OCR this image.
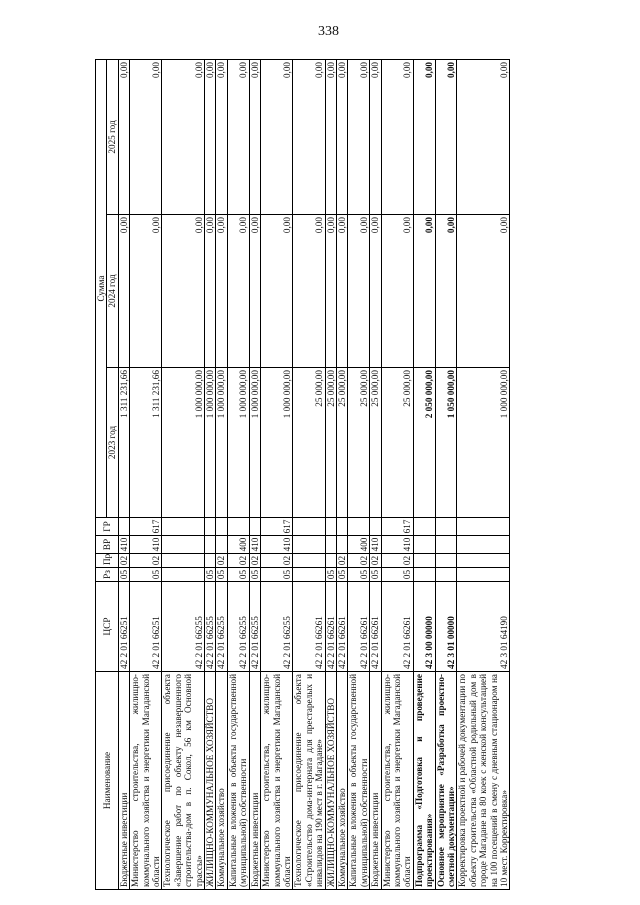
338
Наименование	ЦСР	Рз	Пр	ВР	ГР	Сумма		
						2023 год	2024 год	2025 год
Бюджетные инвестиции	42 2 01 66251	05	02	410		1 311 231,66	0,00	0,00
Министерство строительства, жилищно-коммунального хозяйства и энергетики Магаданской области	42 2 01 66251	05	02	410	617	1 311 231,66	0,00	0,00
Технологическое присоединение объекта «Завершение работ по объекту незавершенного строительства-дом в п. Сокол, 56 км Основной трассы»	42 2 01 66255					1 000 000,00	0,00	0,00
ЖИЛИЩНО-КОММУНАЛЬНОЕ ХОЗЯЙСТВО	42 2 01 66255	05				1 000 000,00	0,00	0,00
Коммунальное хозяйство	42 2 01 66255	05	02			1 000 000,00	0,00	0,00
Капитальные вложения в объекты государственной (муниципальной) собственности	42 2 01 66255	05	02	400		1 000 000,00	0,00	0,00
Бюджетные инвестиции	42 2 01 66255	05	02	410		1 000 000,00	0,00	0,00
Министерство строительства, жилищно-коммунального хозяйства и энергетики Магаданской области	42 2 01 66255	05	02	410	617	1 000 000,00	0,00	0,00
Технологическое присоединение объекта «Строительство дома-интерната для престарелых и инвалидов на 190 мест в г. Магадане»	42 2 01 66261					25 000,00	0,00	0,00
ЖИЛИЩНО-КОММУНАЛЬНОЕ ХОЗЯЙСТВО	42 2 01 66261	05				25 000,00	0,00	0,00
Коммунальное хозяйство	42 2 01 66261	05	02			25 000,00	0,00	0,00
Капитальные вложения в объекты государственной (муниципальной) собственности	42 2 01 66261	05	02	400		25 000,00	0,00	0,00
Бюджетные инвестиции	42 2 01 66261	05	02	410		25 000,00	0,00	0,00
Министерство строительства, жилищно-коммунального хозяйства и энергетики Магаданской области	42 2 01 66261	05	02	410	617	25 000,00	0,00	0,00
Подпрограмма «Подготовка и проведение проектирования»	42 3 00 00000					2 050 000,00	0,00	0,00
Основное мероприятие «Разработка проектно-сметной документации»	42 3 01 00000					1 050 000,00	0,00	0,00
Корректировка проектной и рабочей документации по объекту строительства «Областной родильный дом в городе Магадане на 80 коек с женской консультацией на 100 посещений в смену с дневным стационаром на 10 мест. Корректировка»	42 3 01 64190					1 000 000,00	0,00	0,00
